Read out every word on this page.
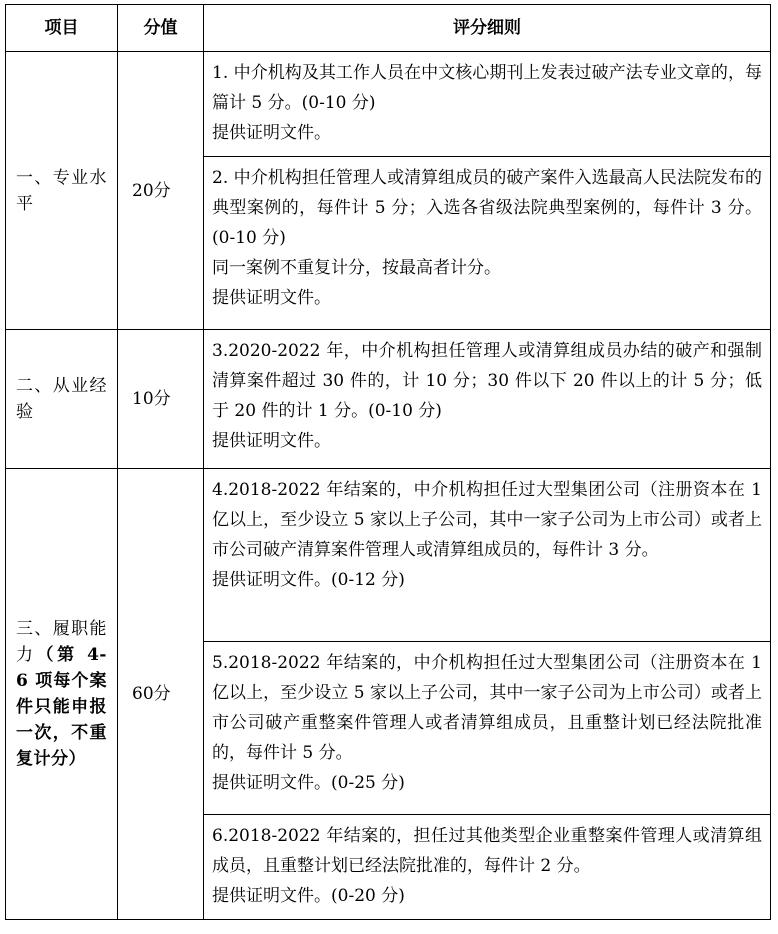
项目	分值	评分细则
一、专业水平	20分	1. 中介机构及其工作人员在中文核心期刊上发表过破产法专业文章的，每篇计 5 分。(0-10 分)

提供证明文件。

		2. 中介机构担任管理人或清算组成员的破产案件入选最高人民法院发布的典型案例的，每件计 5 分；入选各省级法院典型案例的，每件计 3 分。(0-10 分)

同一案例不重复计分，按最高者计分。

提供证明文件。

二、从业经验	10分	3.2020-2022 年，中介机构担任管理人或清算组成员办结的破产和强制清算案件超过 30 件的，计 10 分；30 件以下 20 件以上的计 5 分；低于 20 件的计 1 分。(0-10 分)

提供证明文件。

三、履职能力（第 4-6 项每个案件只能申报一次，不重复计分）	60分	4.2018-2022 年结案的，中介机构担任过大型集团公司（注册资本在 1 亿以上，至少设立 5 家以上子公司，其中一家子公司为上市公司）或者上市公司破产清算案件管理人或清算组成员的，每件计 3 分。

提供证明文件。(0-12 分)

		5.2018-2022 年结案的，中介机构担任过大型集团公司（注册资本在 1 亿以上，至少设立 5 家以上子公司，其中一家子公司为上市公司）或者上市公司破产重整案件管理人或者清算组成员，且重整计划已经法院批准的，每件计 5 分。

提供证明文件。(0-25 分)

		6.2018-2022 年结案的，担任过其他类型企业重整案件管理人或清算组成员，且重整计划已经法院批准的，每件计 2 分。

提供证明文件。(0-20 分)
